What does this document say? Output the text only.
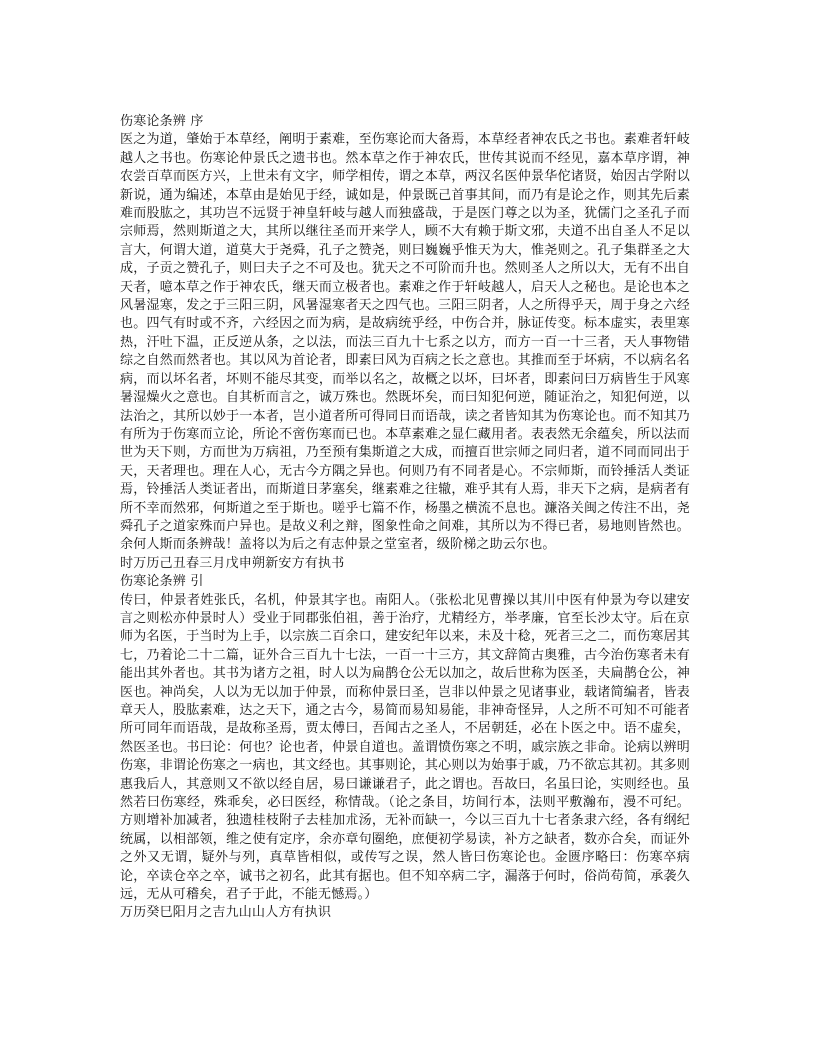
伤寒论条辨 序
医之为道，肇始于本草经，阐明于素难，至伤寒论而大备焉，本草经者神农氏之书也。素难者轩岐越人之书也。伤寒论仲景氏之遗书也。然本草之作于神农氏，世传其说而不经见，嘉本草序谓，神农尝百草而医方兴，上世未有文字，师学相传，谓之本草，两汉名医仲景华佗诸贤，始因古学附以新说，通为编述，本草由是始见于经，诚如是，仲景既己首事其间，而乃有是论之作，则其先后素难而股肱之，其功岂不远贤于神皇轩岐与越人而独盛哉，于是医门尊之以为圣，犹儒门之圣孔子而宗师焉，然则斯道之大，其所以继往圣而开来学人，顾不大有赖于斯文邪，夫道不出自圣人不足以言大，何谓大道，道莫大于尧舜，孔子之赞尧，则曰巍巍乎惟天为大，惟尧则之。孔子集群圣之大成，子贡之赞孔子，则曰夫子之不可及也。犹天之不可阶而升也。然则圣人之所以大，无有不出自天者，噫本草之作于神农氏，继天而立极者也。素难之作于轩岐越人，启天人之秘也。是论也本之风暑湿寒，发之于三阳三阴，风暑湿寒者天之四气也。三阳三阴者，人之所得乎天，周于身之六经也。四气有时或不齐，六经因之而为病，是故病统乎经，中伤合并，脉证传变。标本虚实，表里寒热，汗吐下温，正反逆从条，之以法，而法三百九十七系之以方，而方一百一十三者，天人事物错综之自然而然者也。其以风为首论者，即素曰风为百病之长之意也。其推而至于坏病，不以病名名病，而以坏名者，坏则不能尽其变，而举以名之，故概之以坏，曰坏者，即素问曰万病皆生于风寒暑湿燥火之意也。自其析而言之，诚万殊也。然既坏矣，而曰知犯何逆，随证治之，知犯何逆，以法治之，其所以妙于一本者，岂小道者所可得同日而语哉，读之者皆知其为伤寒论也。而不知其乃有所为于伤寒而立论，所论不啻伤寒而已也。本草素难之显仁藏用者。表表然无余蕴矣，所以法而世为天下则，方而世为万病祖，乃至预有集斯道之大成，而擅百世宗师之同归者，道不同而同出于天，天者理也。理在人心，无古今方隅之异也。何则乃有不同者是心。不宗师斯，而铃捶活人类证焉，铃捶活人类证者出，而斯道日茅塞矣，继素难之往辙，难乎其有人焉，非天下之病，是病者有所不幸而然邪，何斯道之至于斯也。嗟乎七篇不作，杨墨之横流不息也。濂洛关闽之传注不出，尧舜孔子之道家殊而户异也。是故义利之辩，图象性命之间难，其所以为不得已者，易地则皆然也。余何人斯而条辨哉！盖将以为后之有志仲景之堂室者，级阶梯之助云尔也。
时万历己丑春三月戊申朔新安方有执书
伤寒论条辨 引
传曰，仲景者姓张氏，名机，仲景其字也。南阳人。（张松北见曹操以其川中医有仲景为夸以建安言之则松亦仲景时人）受业于同郡张伯祖，善于治疗，尤精经方，举孝廉，官至长沙太守。后在京师为名医，于当时为上手，以宗族二百余口，建安纪年以来，未及十稔，死者三之二，而伤寒居其七，乃着论二十二篇，证外合三百九十七法，一百一十三方，其文辞简古奥雅，古今治伤寒者未有能出其外者也。其书为诸方之祖，时人以为扁鹊仓公无以加之，故后世称为医圣，夫扁鹊仓公，神医也。神尚矣，人以为无以加于仲景，而称仲景曰圣，岂非以仲景之见诸事业，载诸简编者，皆表章天人，股肱素难，达之天下，通之古今，易简而易知易能，非神奇怪异，人之所不可知不可能者所可同年而语哉，是故称圣焉，贾太傅曰，吾闻古之圣人，不居朝廷，必在卜医之中。语不虚矣，然医圣也。书曰论：何也？论也者，仲景自道也。盖谓愤伤寒之不明，戚宗族之非命。论病以辨明伤寒，非谓论伤寒之一病也，其文经也。其事则论，其心则以为始事于戚，乃不欲忘其初。其多则惠我后人，其意则又不欲以经自居，易曰谦谦君子，此之谓也。吾故曰，名虽曰论，实则经也。虽然若曰伤寒经，殊乖矣，必曰医经，称情哉。（论之条目，坊间行本，法则平敷瀚布，漫不可纪。方则增补加减者，独遗桂枝附子去桂加朮汤，无补而缺一，今以三百九十七者条隶六经，各有纲纪统属，以相部领，维之使有定序，余亦章句圈绝，庶便初学易读，补方之缺者，数亦合矣，而证外之外又无谓，疑外与列，真草皆相似，或传写之误，然人皆曰伤寒论也。金匮序略曰：伤寒卒病论，卒读仓卒之卒，诚书之初名，此其有据也。但不知卒病二字，漏落于何时，俗尚苟简，承袭久远，无从可稽矣，君子于此，不能无憾焉。）
万历癸巳阳月之吉九山山人方有执识
